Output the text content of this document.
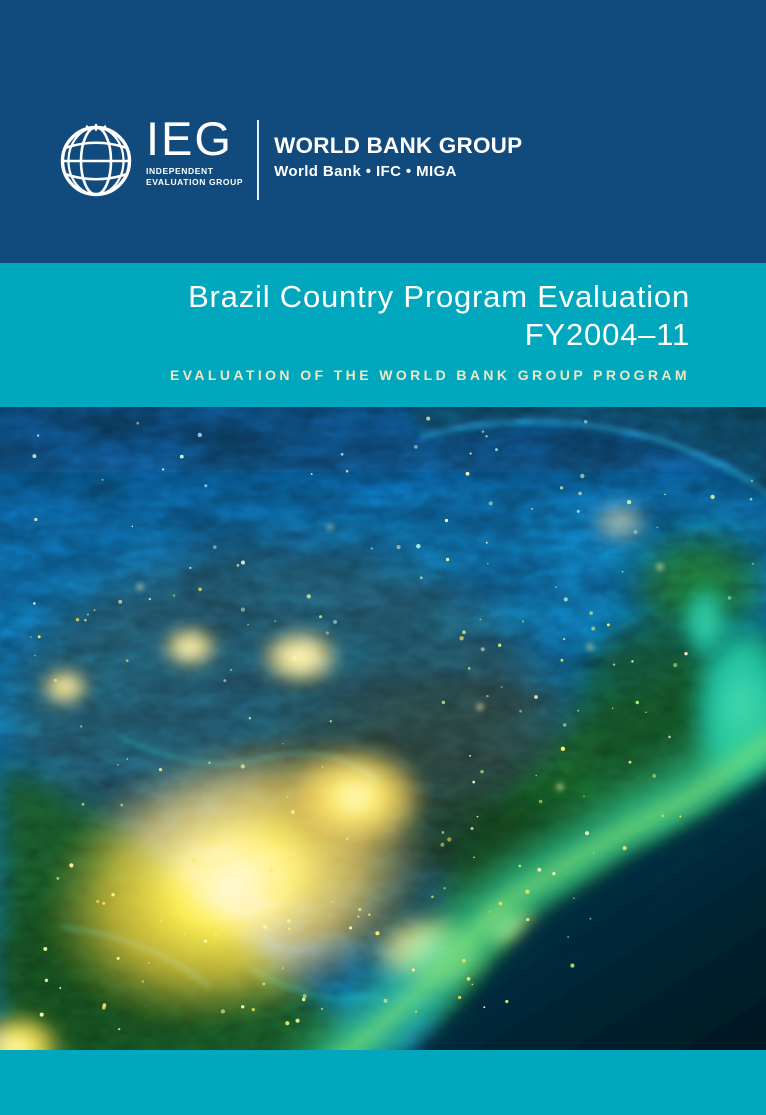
IEG
INDEPENDENT
EVALUATION GROUP
WORLD BANK GROUP
World Bank • IFC • MIGA
Brazil Country Program Evaluation
FY2004–11
EVALUATION OF THE WORLD BANK GROUP PROGRAM
